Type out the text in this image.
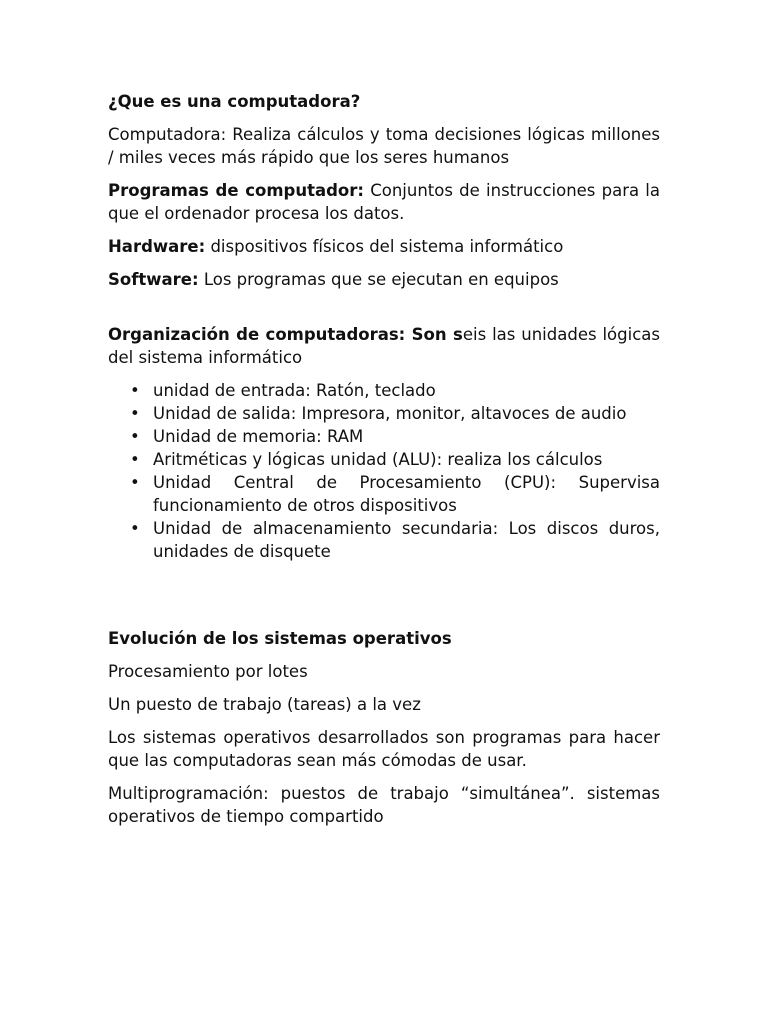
¿Que es una computadora?
Computadora: Realiza cálculos y toma decisiones lógicas millones / miles veces más rápido que los seres humanos
Programas de computador: Conjuntos de instrucciones para la que el ordenador procesa los datos.
Hardware: dispositivos físicos del sistema informático
Software: Los programas que se ejecutan en equipos
Organización de computadoras: Son seis las unidades lógicas del sistema informático
• unidad de entrada: Ratón, teclado
• Unidad de salida: Impresora, monitor, altavoces de audio
• Unidad de memoria: RAM
• Aritméticas y lógicas unidad (ALU): realiza los cálculos
• Unidad Central de Procesamiento (CPU): Supervisa funcionamiento de otros dispositivos
• Unidad de almacenamiento secundaria: Los discos duros, unidades de disquete
Evolución de los sistemas operativos
Procesamiento por lotes
Un puesto de trabajo (tareas) a la vez
Los sistemas operativos desarrollados son programas para hacer que las computadoras sean más cómodas de usar.
Multiprogramación: puestos de trabajo “simultánea”. sistemas operativos de tiempo compartido
